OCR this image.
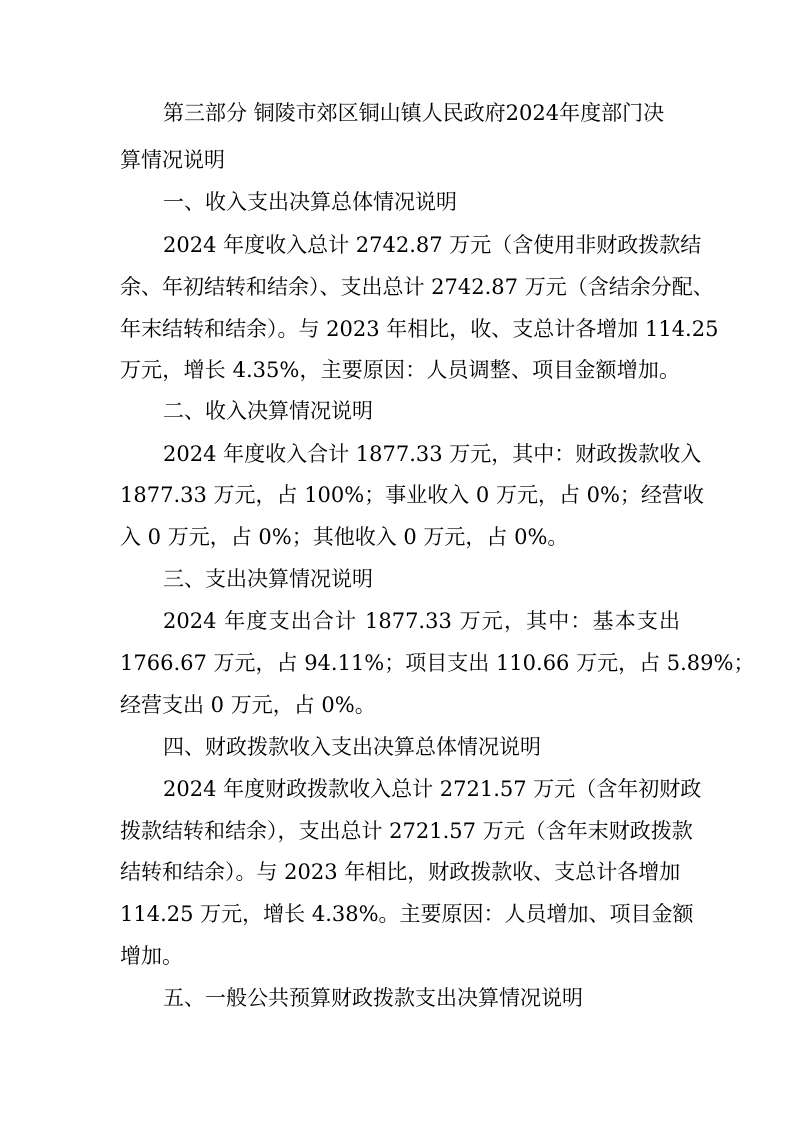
第三部分 铜陵市郊区铜山镇人民政府2024年度部门决
算情况说明
一、收入支出决算总体情况说明
2024 年度收入总计 2742.87 万元（含使用非财政拨款结
余、年初结转和结余）、支出总计 2742.87 万元（含结余分配、
年末结转和结余）。与 2023 年相比，收、支总计各增加 114.25
万元，增长 4.35%，主要原因：人员调整、项目金额增加。
二、收入决算情况说明
2024 年度收入合计 1877.33 万元，其中：财政拨款收入
1877.33 万元，占 100%；事业收入 0 万元，占 0%；经营收
入 0 万元，占 0%；其他收入 0 万元，占 0%。
三、支出决算情况说明
2024 年度支出合计 1877.33 万元，其中：基本支出
1766.67 万元，占 94.11%；项目支出 110.66 万元，占 5.89%；
经营支出 0 万元，占 0%。
四、财政拨款收入支出决算总体情况说明
2024 年度财政拨款收入总计 2721.57 万元（含年初财政
拨款结转和结余），支出总计 2721.57 万元（含年末财政拨款
结转和结余）。与 2023 年相比，财政拨款收、支总计各增加
114.25 万元，增长 4.38%。主要原因：人员增加、项目金额
增加。
五、一般公共预算财政拨款支出决算情况说明
